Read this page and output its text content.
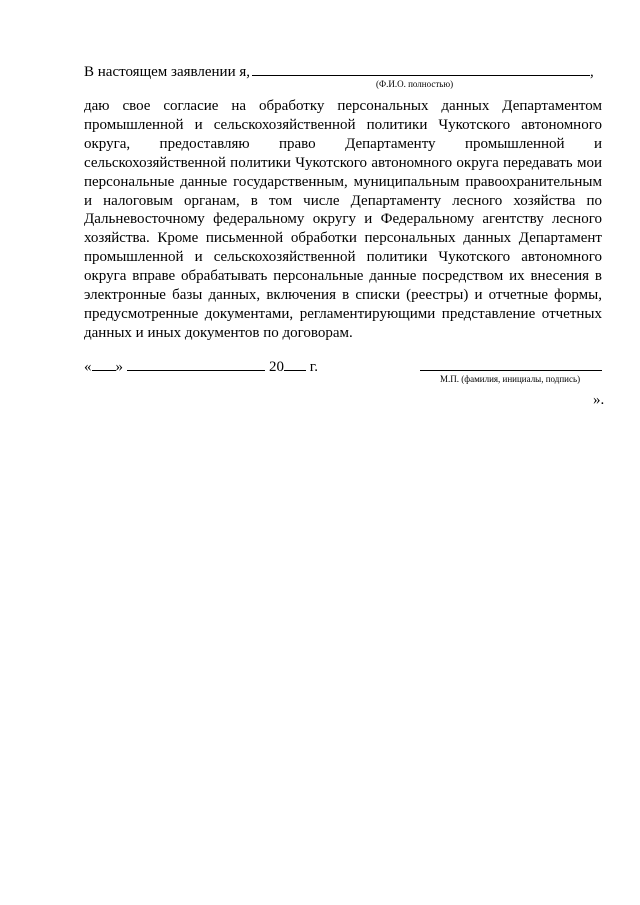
В настоящем заявлении я,	,
(Ф.И.О. полностью)
даю свое согласие на обработку персональных данных Департаментом промышленной и сельскохозяйственной политики Чукотского автономного округа, предоставляю право Департаменту промышленной и сельскохозяйственной политики Чукотского автономного округа передавать мои персональные данные государственным, муниципальным правоохранительным и налоговым органам, в том числе Департаменту лесного хозяйства по Дальневосточному федеральному округу и Федеральному агентству лесного хозяйства. Кроме письменной обработки персональных данных Департамент промышленной и сельскохозяйственной политики Чукотского автономного округа вправе обрабатывать персональные данные посредством их внесения в электронные базы данных, включения в списки (реестры) и отчетные формы, предусмотренные документами, регламентирующими представление отчетных данных и иных документов по договорам.
« »	20 г.
М.П. (фамилия, инициалы, подпись)
».
